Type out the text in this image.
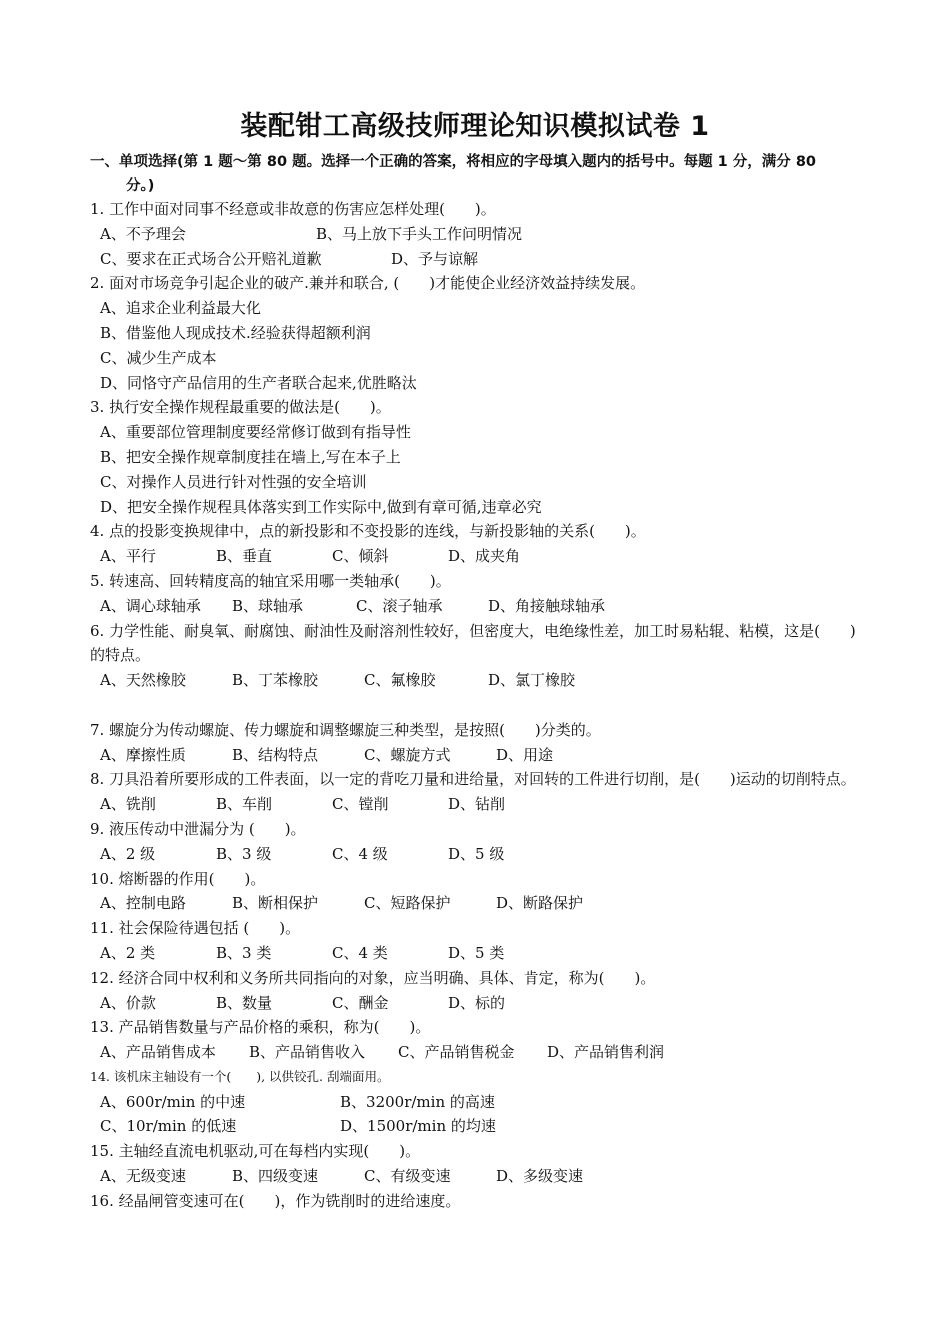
装配钳工高级技师理论知识模拟试卷 1
一、单项选择(第 1 题～第 80 题。选择一个正确的答案，将相应的字母填入题内的括号中。每题 1 分，满分 80
分。)
1. 工作中面对同事不经意或非故意的伤害应怎样处理(　　)。
A、不予理会	B、马上放下手头工作问明情况
C、要求在正式场合公开赔礼道歉	D、予与谅解
2. 面对市场竞争引起企业的破产.兼并和联合, (　　)才能使企业经济效益持续发展。
A、追求企业利益最大化
B、借鉴他人现成技术.经验获得超额利润
C、减少生产成本
D、同恪守产品信用的生产者联合起来,优胜略汰
3. 执行安全操作规程最重要的做法是(　　)。
A、重要部位管理制度要经常修订做到有指导性
B、把安全操作规章制度挂在墙上,写在本子上
C、对操作人员进行针对性强的安全培训
D、把安全操作规程具体落实到工作实际中,做到有章可循,违章必究
4. 点的投影变换规律中，点的新投影和不变投影的连线，与新投影轴的关系(　　)。
A、平行	B、垂直	C、倾斜	D、成夹角
5. 转速高、回转精度高的轴宜采用哪一类轴承(　　)。
A、调心球轴承 B、球轴承	C、滚子轴承	D、角接触球轴承
6. 力学性能、耐臭氧、耐腐蚀、耐油性及耐溶剂性较好，但密度大，电绝缘性差，加工时易粘辊、粘模，这是(　　)的特点。
A、天然橡胶	B、丁苯橡胶	C、氟橡胶	D、氯丁橡胶
7. 螺旋分为传动螺旋、传力螺旋和调整螺旋三种类型，是按照(　　)分类的。
A、摩擦性质	B、结构特点	C、螺旋方式	D、用途
8. 刀具沿着所要形成的工件表面，以一定的背吃刀量和进给量，对回转的工件进行切削，是(　　)运动的切削特点。
A、铣削	B、车削	C、镗削	D、钻削
9. 液压传动中泄漏分为 (　　)。
A、2 级	B、3 级	C、4 级	D、5 级
10. 熔断器的作用(　　)。
A、控制电路	B、断相保护	C、短路保护	D、断路保护
11. 社会保险待遇包括 (　　)。
A、2 类	B、3 类	C、4 类	D、5 类
12. 经济合同中权利和义务所共同指向的对象，应当明确、具体、肯定，称为(　　)。
A、价款	B、数量	C、酬金	D、标的
13. 产品销售数量与产品价格的乘积，称为(　　)。
A、产品销售成本 B、产品销售收入 C、产品销售税金 D、产品销售利润
14. 该机床主轴设有一个(　　), 以供铰孔. 刮端面用。
A、600r/min 的中速	B、3200r/min 的高速
C、10r/min 的低速	D、1500r/min 的均速
15. 主轴经直流电机驱动,可在每档内实现(　　)。
A、无级变速	B、四级变速	C、有级变速	D、多级变速
16. 经晶闸管变速可在(　　)，作为铣削时的进给速度。
